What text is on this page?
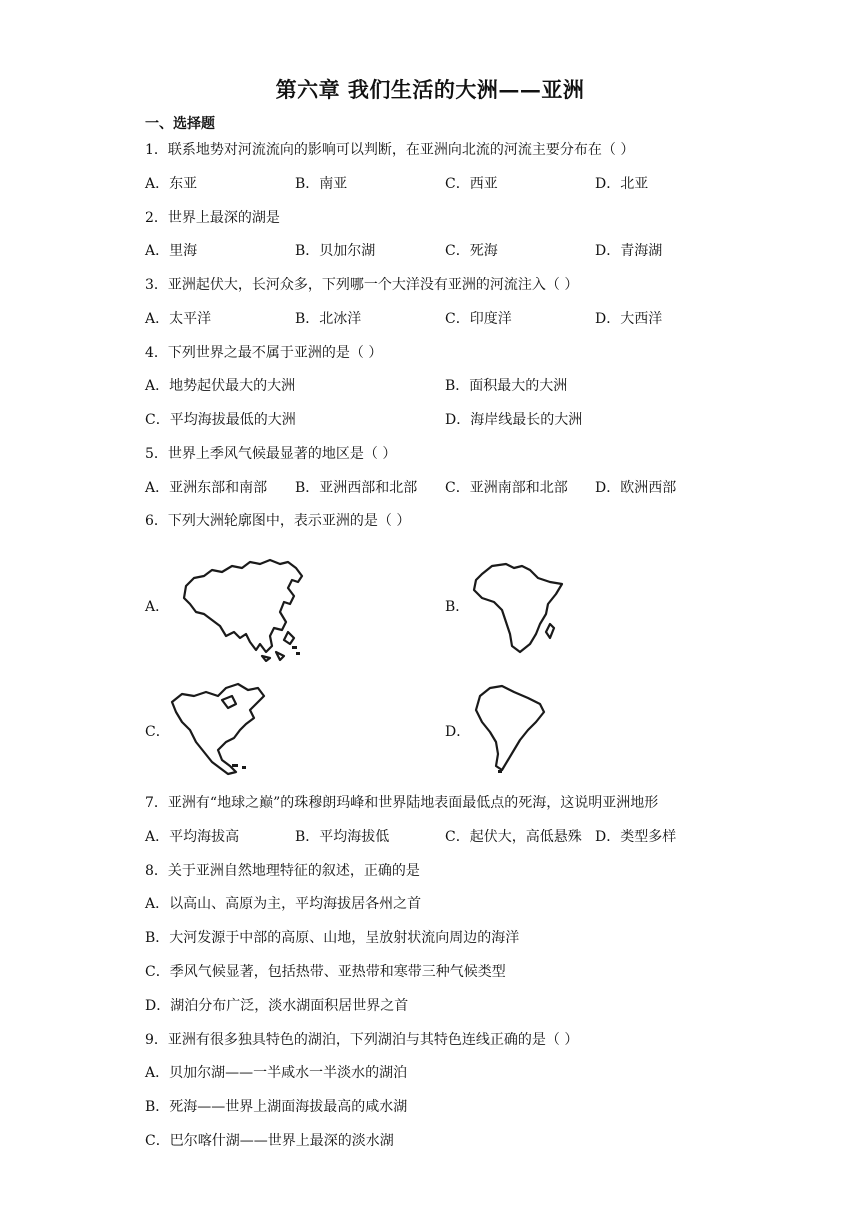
第六章 我们生活的大洲——亚洲
一、选择题
1．联系地势对河流流向的影响可以判断，在亚洲向北流的河流主要分布在（ ）
A．东亚	B．南亚	C．西亚	D．北亚
2．世界上最深的湖是
A．里海	B．贝加尔湖	C．死海	D．青海湖
3．亚洲起伏大，长河众多，下列哪一个大洋没有亚洲的河流注入（ ）
A．太平洋	B．北冰洋	C．印度洋	D．大西洋
4．下列世界之最不属于亚洲的是（ ）
A．地势起伏最大的大洲	B．面积最大的大洲
C．平均海拔最低的大洲	D．海岸线最长的大洲
5．世界上季风气候最显著的地区是（ ）
A．亚洲东部和南部 B．亚洲西部和北部 C．亚洲南部和北部 D．欧洲西部
6．下列大洲轮廓图中，表示亚洲的是（ ）
A．	B．
C．	D．
7．亚洲有“地球之巅”的珠穆朗玛峰和世界陆地表面最低点的死海，这说明亚洲地形
A．平均海拔高	B．平均海拔低	C．起伏大，高低悬殊 D．类型多样
8．关于亚洲自然地理特征的叙述，正确的是
A．以高山、高原为主，平均海拔居各州之首
B．大河发源于中部的高原、山地，呈放射状流向周边的海洋
C．季风气候显著，包括热带、亚热带和寒带三种气候类型
D．湖泊分布广泛，淡水湖面积居世界之首
9．亚洲有很多独具特色的湖泊，下列湖泊与其特色连线正确的是（ ）
A．贝加尔湖——一半咸水一半淡水的湖泊
B．死海——世界上湖面海拔最高的咸水湖
C．巴尔喀什湖——世界上最深的淡水湖
